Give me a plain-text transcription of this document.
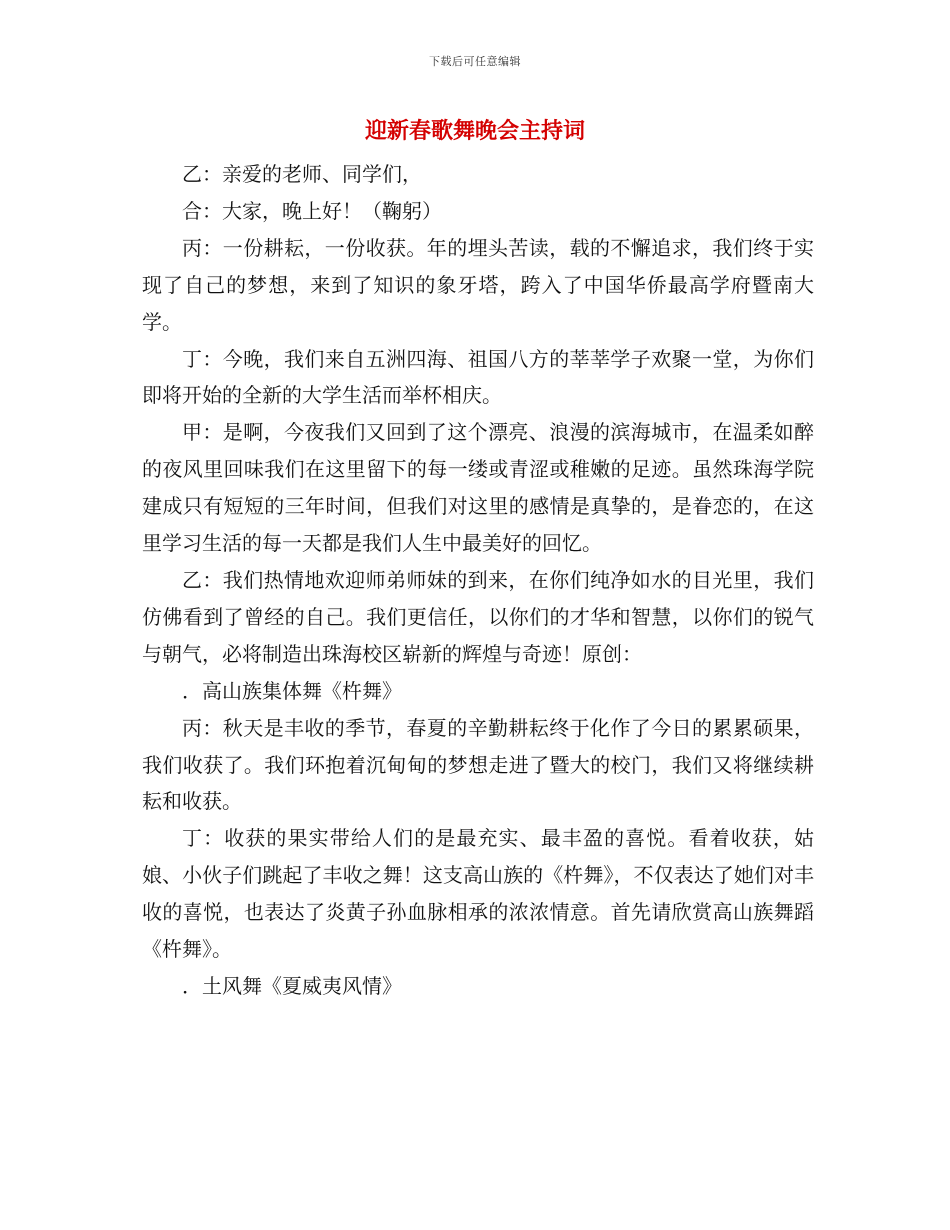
下载后可任意编辑
迎新春歌舞晚会主持词

乙：亲爱的老师、同学们，

合：大家，晚上好！（鞠躬）

丙：一份耕耘，一份收获。年的埋头苦读，载的不懈追求，我们终于实现了自己的梦想，来到了知识的象牙塔，跨入了中国华侨最高学府暨南大学。

丁：今晚，我们来自五洲四海、祖国八方的莘莘学子欢聚一堂，为你们即将开始的全新的大学生活而举杯相庆。

甲：是啊，今夜我们又回到了这个漂亮、浪漫的滨海城市，在温柔如醉的夜风里回味我们在这里留下的每一缕或青涩或稚嫩的足迹。虽然珠海学院建成只有短短的三年时间，但我们对这里的感情是真挚的，是眷恋的，在这里学习生活的每一天都是我们人生中最美好的回忆。

乙：我们热情地欢迎师弟师妹的到来，在你们纯净如水的目光里，我们仿佛看到了曾经的自己。我们更信任，以你们的才华和智慧，以你们的锐气与朝气，必将制造出珠海校区崭新的辉煌与奇迹！原创：

．高山族集体舞《杵舞》

丙：秋天是丰收的季节，春夏的辛勤耕耘终于化作了今日的累累硕果，我们收获了。我们环抱着沉甸甸的梦想走进了暨大的校门，我们又将继续耕耘和收获。

丁：收获的果实带给人们的是最充实、最丰盈的喜悦。看着收获，姑娘、小伙子们跳起了丰收之舞！这支高山族的《杵舞》，不仅表达了她们对丰收的喜悦，也表达了炎黄子孙血脉相承的浓浓情意。首先请欣赏高山族舞蹈《杵舞》。

．土风舞《夏威夷风情》
